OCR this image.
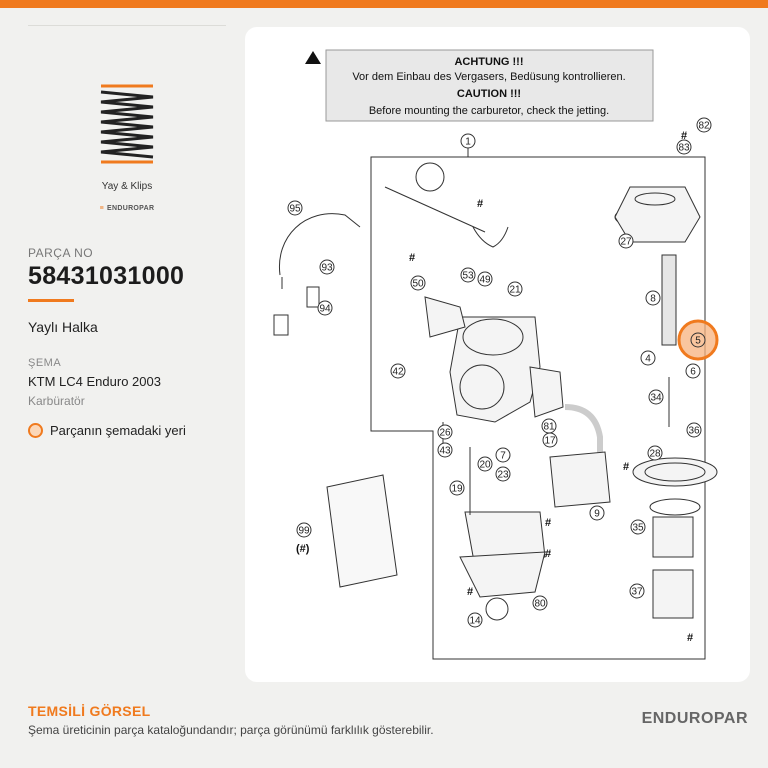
Yay & Klips
≡ ENDUROPAR
PARÇA NO
58431031000
Yaylı Halka
ŞEMA
KTM LC4 Enduro 2003
Karbüratör
Parçanın şemadaki yeri
ACHTUNG !!!
Vor dem Einbau des Vergasers, Bedüsung kontrollieren.
CAUTION !!!
Before mounting the carburetor, check the jetting.
1
82
83
95
27
93
94
53 49
50
21
8
4
6
42
34
36
26
20
7
17
81
28
43
23
19
9
99	35
37
14
80
5
#
#
#
#
#
#
#
#
(#)
TEMSİLİ GÖRSEL
Şema üreticinin parça kataloğundandır; parça görünümü farklılık gösterebilir.
ENDUROPAR
